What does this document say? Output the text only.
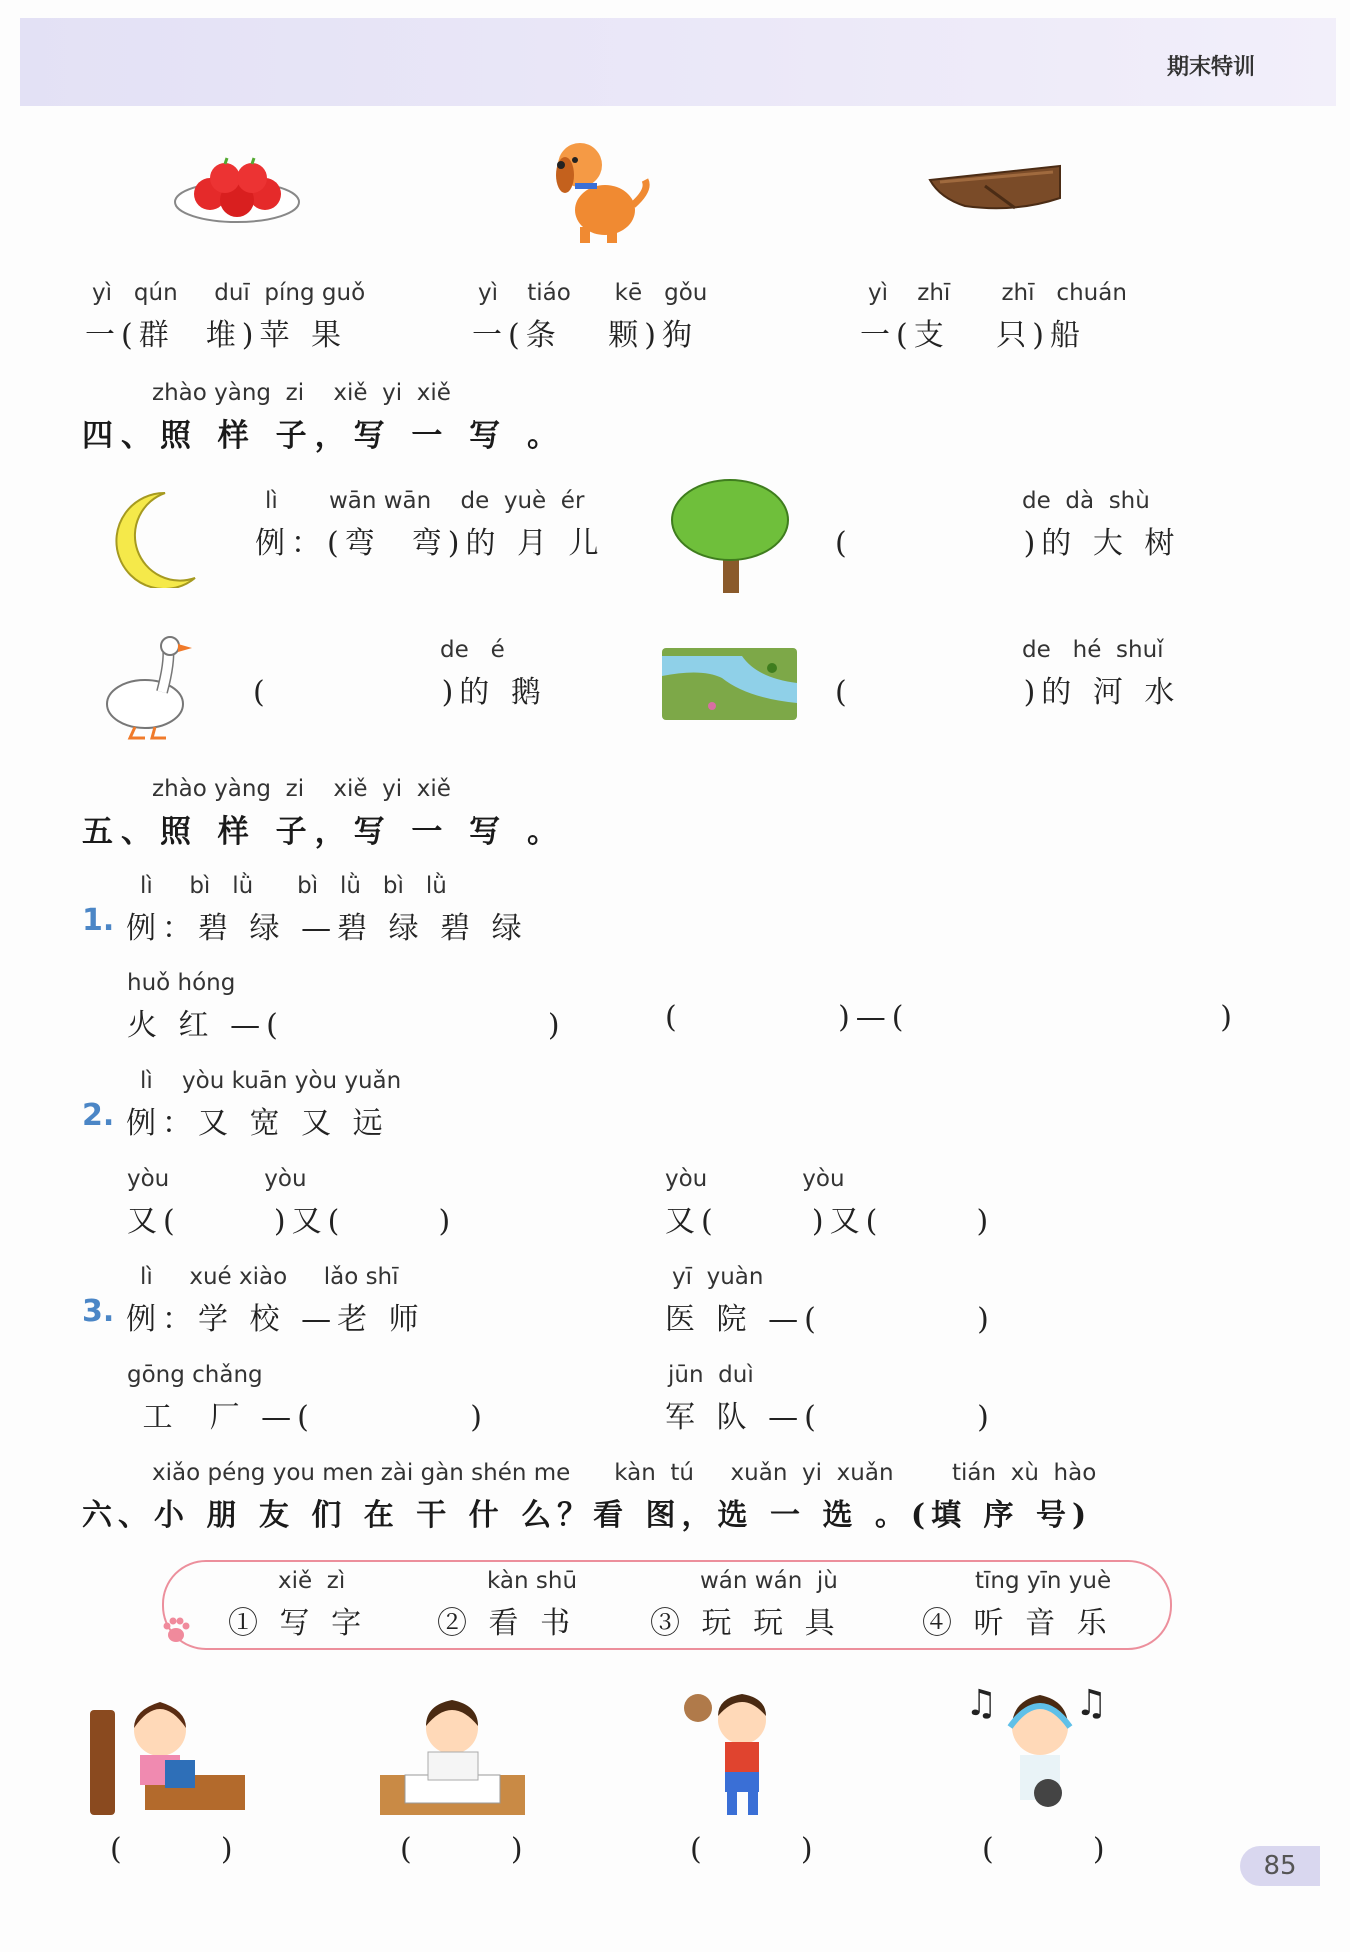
期末特训
yì   qún     duī  píng guǒ
一(群  堆)苹 果
yì    tiáo      kē   gǒu
一(条   颗)狗
yì    zhī       zhī   chuán
一(支   只)船
zhào yàng  zi    xiě  yi  xiě
四、照 样 子，写 一 写 。
lì       wān wān    de  yuè  ér
例：(弯  弯)的 月 儿
de  dà  shù
(           )的 大 树
de   é
(           )的 鹅
de   hé  shuǐ
(           )的 河 水
zhào yàng  zi    xiě  yi  xiě
五、照 样 子，写 一 写 。
lì     bì   lǜ      bì   lǜ   bì   lǜ
1. 例：碧 绿 —碧 绿 碧 绿
huǒ hóng
火 红 —(                 )	(          )—(                    )
lì    yòu kuān yòu yuǎn
2. 例：又 宽 又 远
yòu             yòu
又(      )又(      )
yòu             yòu
又(      )又(      )
lì     xué xiào     lǎo shī
3. 例：学 校 —老 师
yī  yuàn
医 院 —(          )
gōng chǎng
工  厂 —(          )
jūn  duì
军 队 —(          )
xiǎo péng you men zài gàn shén me      kàn  tú     xuǎn  yi  xuǎn        tián  xù  hào
六、小 朋 友 们 在 干 什 么？看 图，选 一 选 。(填 序 号)
xiě  zì
① 写 字
kàn shū
② 看 书
wán wán  jù
③ 玩 玩 具
tīng yīn yuè
④ 听 音 乐
♫ ♫
(      )	(      )	(      )	(      )	85
